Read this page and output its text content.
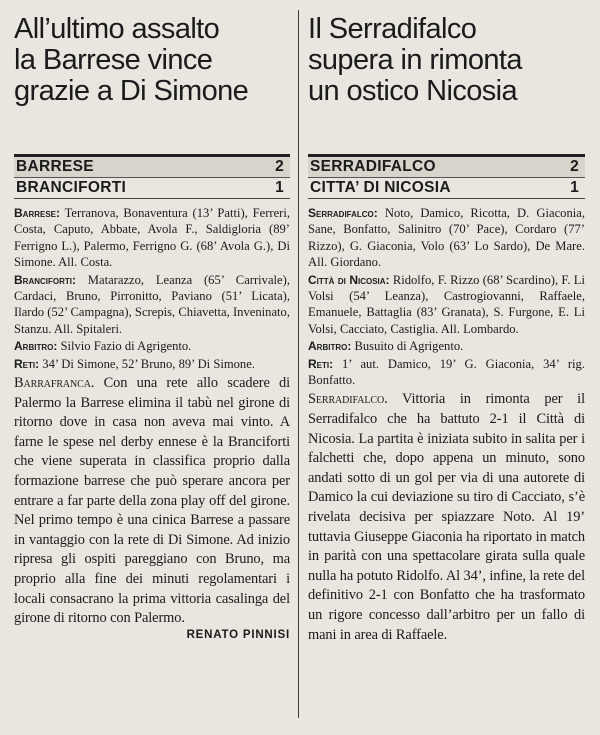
All’ultimo assalto
la Barrese vince
grazie a Di Simone
BARRESE	2
BRANCIFORTI	1

Barrese: Terranova, Bonaventura (13’ Patti), Ferreri, Costa, Caputo, Abbate, Avola F., Saldigloria (89’ Ferrigno L.), Palermo, Ferrigno G. (68’ Avola G.), Di Simone. All. Costa.

Branciforti: Matarazzo, Leanza (65’ Carrivale), Cardaci, Bruno, Pirronitto, Paviano (51’ Licata), Ilardo (52’ Campagna), Screpis, Chiavetta, Inveninato, Stanzu. All. Spitaleri.

Arbitro: Silvio Fazio di Agrigento.

Reti: 34’ Di Simone, 52’ Bruno, 89’ Di Simone.

Barrafranca. Con una rete allo scadere di Palermo la Barrese elimina il tabù nel girone di ritorno dove in casa non aveva mai vinto. A farne le spese nel derby ennese è la Branciforti che viene superata in classifica proprio dalla formazione barrese che può sperare ancora per entrare a far parte della zona play off del girone. Nel primo tempo è una cinica Barrese a passare in vantaggio con la rete di Di Simone. Ad inizio ripresa gli ospiti pareggiano con Bruno, ma proprio alla fine dei minuti regolamentari i locali consacrano la prima vittoria casalinga del girone di ritorno con Palermo.
RENATO PINNISI
Il Serradifalco
supera in rimonta
un ostico Nicosia
SERRADIFALCO	2
CITTA’ DI NICOSIA	1

Serradifalco: Noto, Damico, Ricotta, D. Giaconia, Sane, Bonfatto, Salinitro (70’ Pace), Cordaro (77’ Rizzo), G. Giaconia, Volo (63’ Lo Sardo), De Mare. All. Giordano.

Città di Nicosia: Ridolfo, F. Rizzo (68’ Scardino), F. Li Volsi (54’ Leanza), Castrogiovanni, Raffaele, Emanuele, Battaglia (83’ Granata), S. Furgone, E. Li Volsi, Cacciato, Castiglia. All. Lombardo.

Arbitro: Busuito di Agrigento.

Reti: 1’ aut. Damico, 19’ G. Giaconia, 34’ rig. Bonfatto.

Serradifalco. Vittoria in rimonta per il Serradifalco che ha battuto 2-1 il Città di Nicosia. La partita è iniziata subito in salita per i falchetti che, dopo appena un minuto, sono andati sotto di un gol per via di una autorete di Damico la cui deviazione su tiro di Cacciato, s’è rivelata decisiva per spiazzare Noto. Al 19’ tuttavia Giuseppe Giaconia ha riportato in match in parità con una spettacolare girata sulla quale nulla ha potuto Ridolfo. Al 34’, infine, la rete del definitivo 2-1 con Bonfatto che ha trasformato un rigore concesso dall’arbitro per un fallo di mani in area di Raffaele.
